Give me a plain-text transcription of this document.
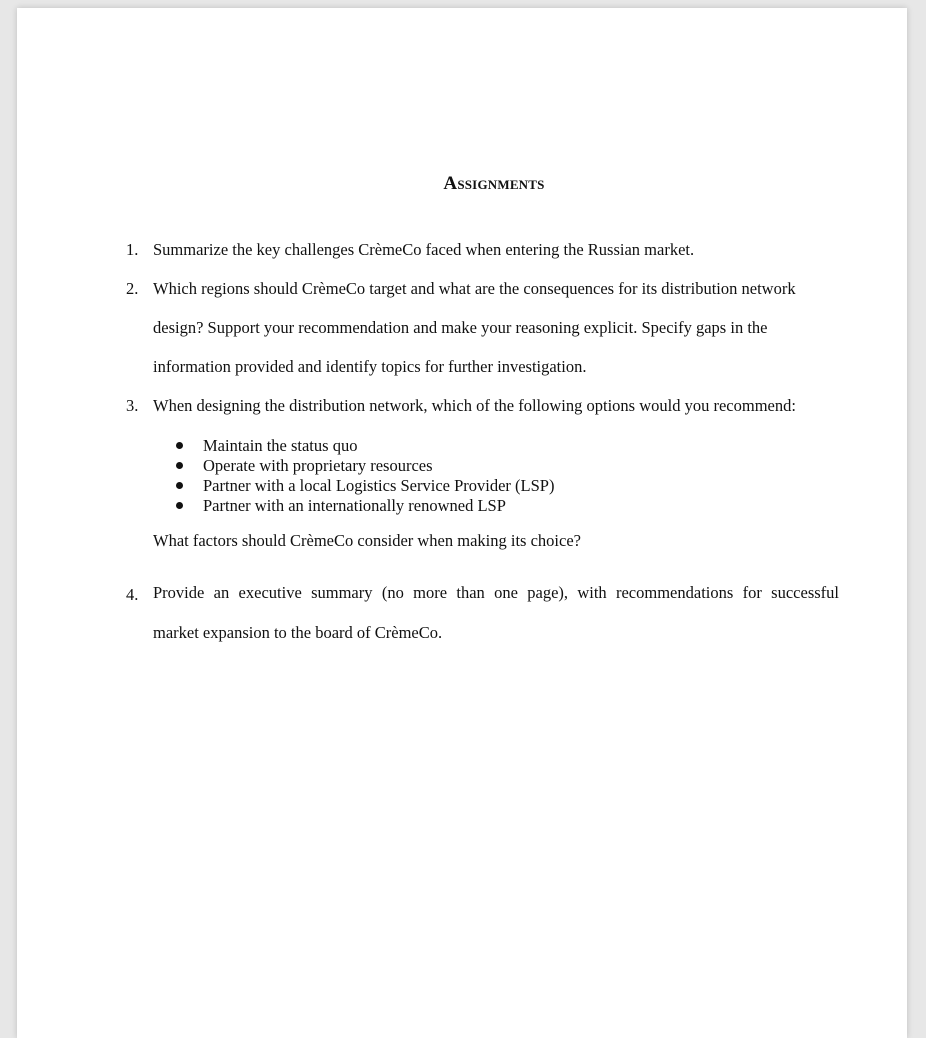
Assignments
1. Summarize the key challenges CrèmeCo faced when entering the Russian market.
2. Which regions should CrèmeCo target and what are the consequences for its distribution network
design? Support your recommendation and make your reasoning explicit. Specify gaps in the
information provided and identify topics for further investigation.
3. When designing the distribution network, which of the following options would you recommend:
Maintain the status quo
Operate with proprietary resources
Partner with a local Logistics Service Provider (LSP)
Partner with an internationally renowned LSP
What factors should CrèmeCo consider when making its choice?
4. Provide an executive summary (no more than one page), with recommendations for successful
market expansion to the board of CrèmeCo.
